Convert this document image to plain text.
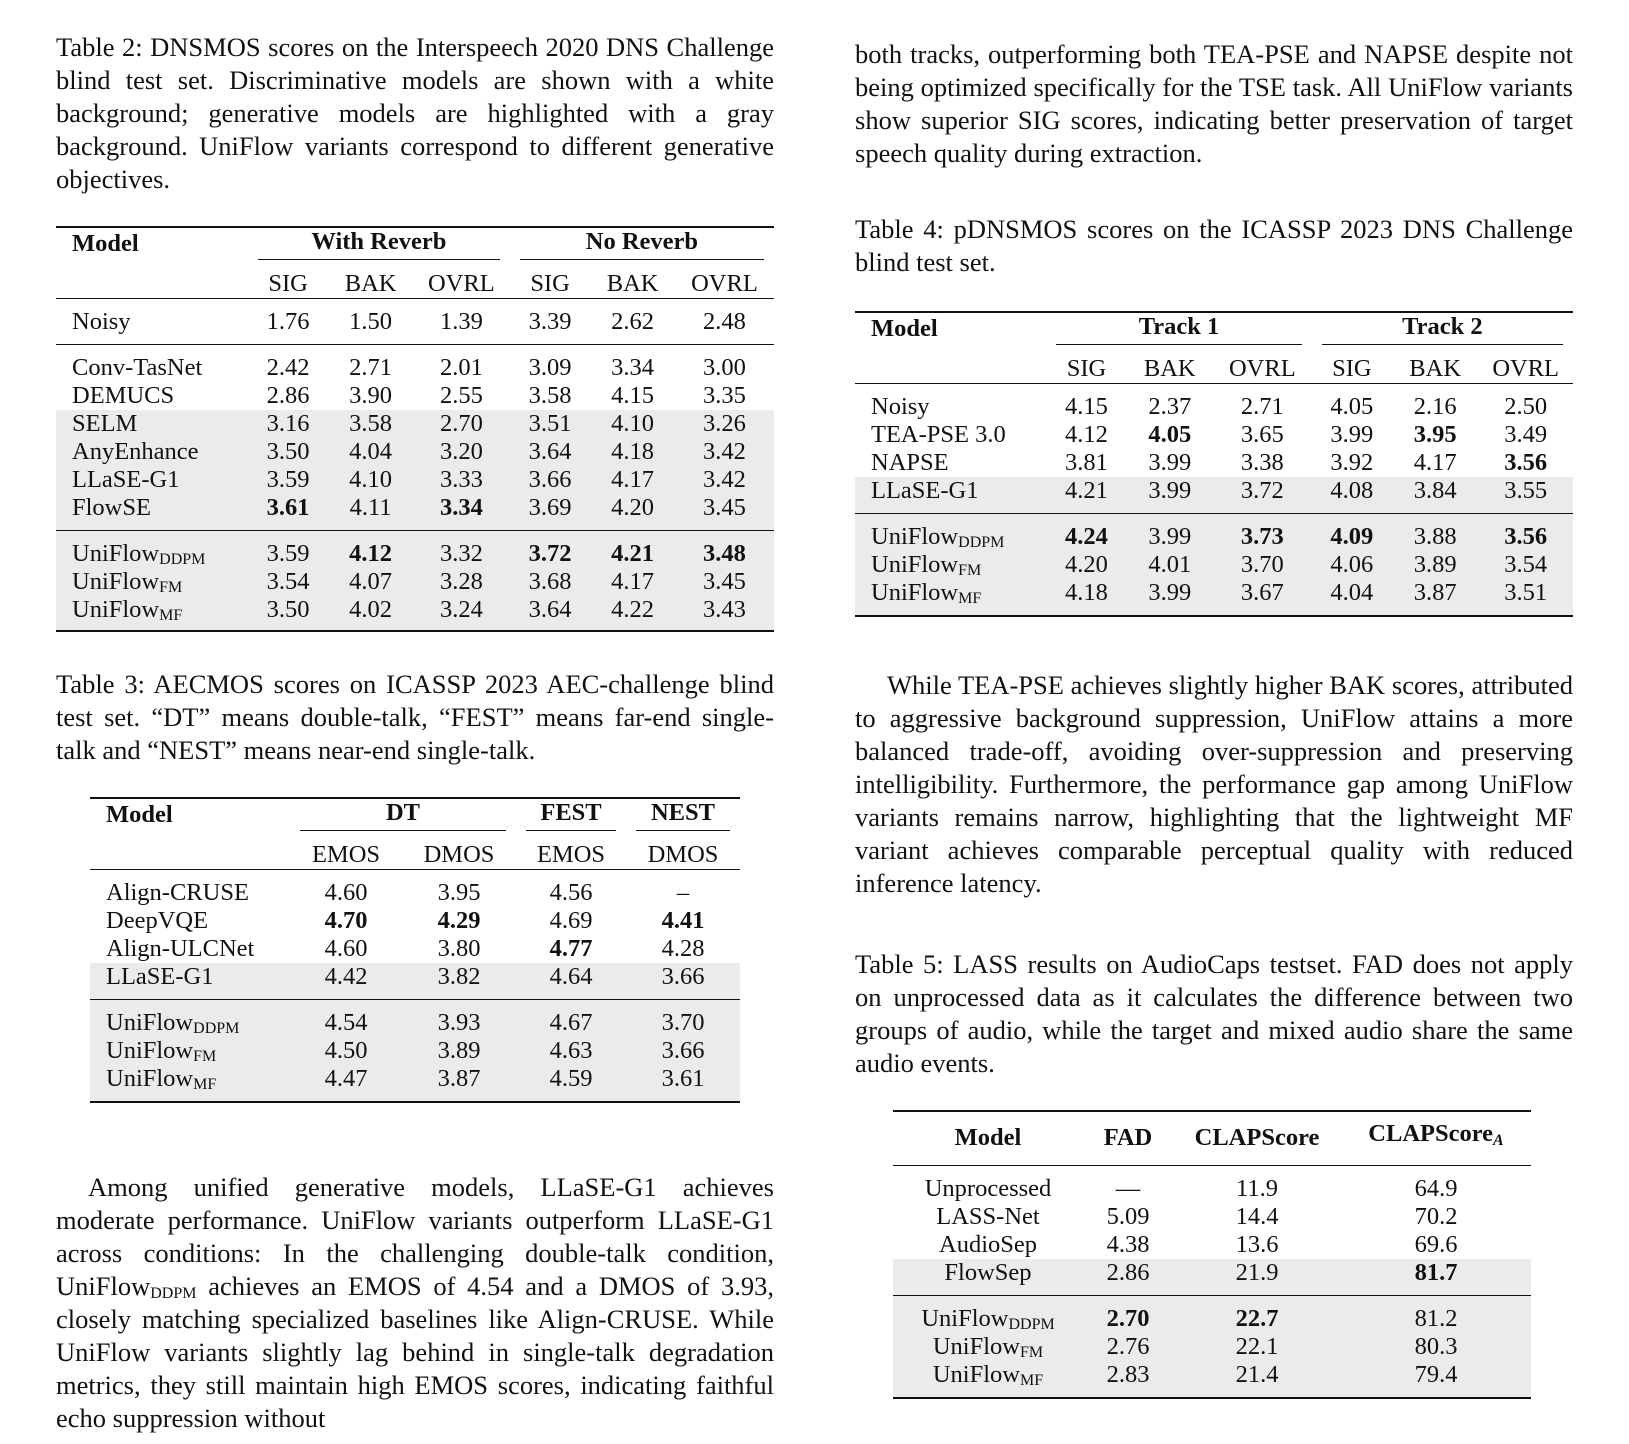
Table 2: DNSMOS scores on the Interspeech 2020 DNS Challenge blind test set. Discriminative models are shown with a white background; generative models are highlighted with a gray background. UniFlow variants correspond to different generative objectives.

Model	With Reverb			No Reverb		

	SIG	BAK	OVRL	SIG	BAK	OVRL
Noisy	1.76	1.50	1.39	3.39	2.62	2.48
Conv-TasNet	2.42	2.71	2.01	3.09	3.34	3.00
DEMUCS	2.86	3.90	2.55	3.58	4.15	3.35
SELM	3.16	3.58	2.70	3.51	4.10	3.26
AnyEnhance	3.50	4.04	3.20	3.64	4.18	3.42
LLaSE-G1	3.59	4.10	3.33	3.66	4.17	3.42
FlowSE	3.61	4.11	3.34	3.69	4.20	3.45
UniFlow$_{DDPM}$	3.59	4.12	3.32	3.72	4.21	3.48
UniFlow$_{FM}$	3.54	4.07	3.28	3.68	4.17	3.45
UniFlow$_{MF}$	3.50	4.02	3.24	3.64	4.22	3.43

Table 3: AECMOS scores on ICASSP 2023 AEC-challenge blind test set. “DT” means double-talk, “FEST” means far-end single-talk and “NEST” means near-end single-talk.

Model	DT		FEST	NEST

	EMOS	DMOS	EMOS	DMOS
Align-CRUSE	4.60	3.95	4.56	–
DeepVQE	4.70	4.29	4.69	4.41
Align-ULCNet	4.60	3.80	4.77	4.28
LLaSE-G1	4.42	3.82	4.64	3.66
UniFlow$_{DDPM}$	4.54	3.93	4.67	3.70
UniFlow$_{FM}$	4.50	3.89	4.63	3.66
UniFlow$_{MF}$	4.47	3.87	4.59	3.61

Among unified generative models, LLaSE-G1 achieves moderate performance. UniFlow variants outperform LLaSE-G1 across conditions: In the challenging double-talk condition, UniFlow$_{DDPM}$ achieves an EMOS of 4.54 and a DMOS of 3.93, closely matching specialized baselines like Align-CRUSE. While UniFlow variants slightly lag behind in single-talk degradation metrics, they still maintain high EMOS scores, indicating faithful echo suppression without

both tracks, outperforming both TEA-PSE and NAPSE despite not being optimized specifically for the TSE task. All UniFlow variants show superior SIG scores, indicating better preservation of target speech quality during extraction.

Table 4: pDNSMOS scores on the ICASSP 2023 DNS Challenge blind test set.

Model	Track 1			Track 2		

	SIG	BAK	OVRL	SIG	BAK	OVRL
Noisy	4.15	2.37	2.71	4.05	2.16	2.50
TEA-PSE 3.0	4.12	4.05	3.65	3.99	3.95	3.49
NAPSE	3.81	3.99	3.38	3.92	4.17	3.56
LLaSE-G1	4.21	3.99	3.72	4.08	3.84	3.55
UniFlow$_{DDPM}$	4.24	3.99	3.73	4.09	3.88	3.56
UniFlow$_{FM}$	4.20	4.01	3.70	4.06	3.89	3.54
UniFlow$_{MF}$	4.18	3.99	3.67	4.04	3.87	3.51

While TEA-PSE achieves slightly higher BAK scores, attributed to aggressive background suppression, UniFlow attains a more balanced trade-off, avoiding over-suppression and preserving intelligibility. Furthermore, the performance gap among UniFlow variants remains narrow, highlighting that the lightweight MF variant achieves comparable perceptual quality with reduced inference latency.

Table 5: LASS results on AudioCaps testset. FAD does not apply on unprocessed data as it calculates the difference between two groups of audio, while the target and mixed audio share the same audio events.

Model	FAD	CLAPScore	CLAPScoreA
Unprocessed	—	11.9	64.9
LASS-Net	5.09	14.4	70.2
AudioSep	4.38	13.6	69.6
FlowSep	2.86	21.9	81.7
UniFlow$_{DDPM}$	2.70	22.7	81.2
UniFlow$_{FM}$	2.76	22.1	80.3
UniFlow$_{MF}$	2.83	21.4	79.4
